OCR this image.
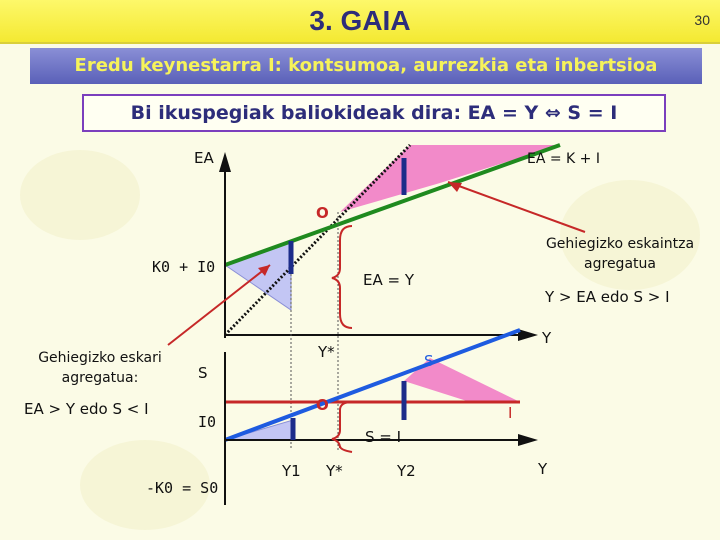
3. GAIA	30
Eredu keynestarra I: kontsumoa, aurrezkia eta inbertsioa
Bi ikuspegiak baliokideak dira: EA = Y ⇔ S = I
EA	EA = K + I
O
K0 + I0
EA = Y
Y*
Y
Gehiegizko eskaintza agregatua
Y > EA edo S > I
S
S
I
O
I0
-K0 = S0
S = I
Y1 Y*	Y2	Y
Gehiegizko eskari agregatua:
EA > Y edo S < I
